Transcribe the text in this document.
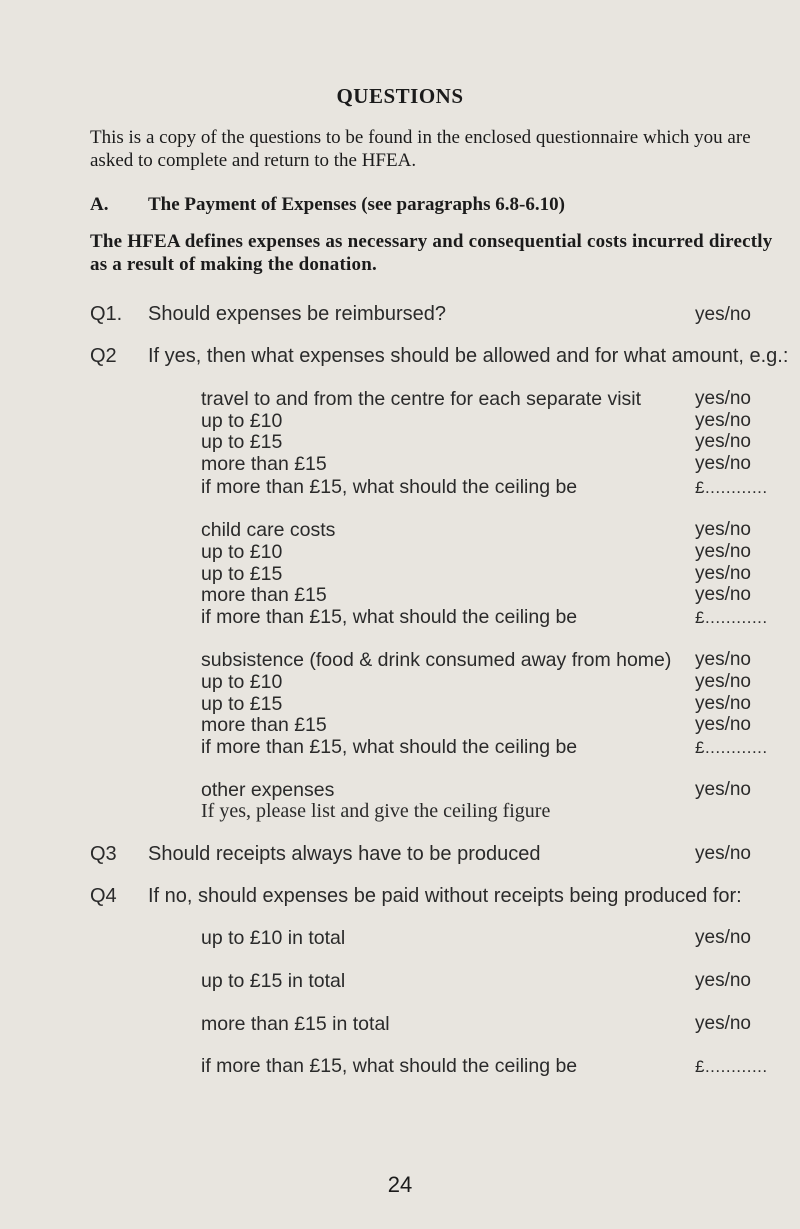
QUESTIONS
This is a copy of the questions to be found in the enclosed questionnaire which you are asked to complete and return to the HFEA.
A. The Payment of Expenses (see paragraphs 6.8-6.10)
The HFEA defines expenses as necessary and consequential costs incurred directly as a result of making the donation.
Q1. Should expenses be reimbursed?	yes/no
Q2 If yes, then what expenses should be allowed and for what amount, e.g.:
travel to and from the centre for each separate visit	yes/no
up to £10	yes/no
up to £15	yes/no
more than £15	yes/no
if more than £15, what should the ceiling be	£............
child care costs	yes/no
up to £10	yes/no
up to £15	yes/no
more than £15	yes/no
if more than £15, what should the ceiling be	£............
subsistence (food & drink consumed away from home) yes/no
up to £10	yes/no
up to £15	yes/no
more than £15	yes/no
if more than £15, what should the ceiling be	£............
other expenses	yes/no
If yes, please list and give the ceiling figure
Q3 Should receipts always have to be produced	yes/no
Q4 If no, should expenses be paid without receipts being produced for:
up to £10 in total	yes/no
up to £15 in total	yes/no
more than £15 in total	yes/no
if more than £15, what should the ceiling be	£............
24
